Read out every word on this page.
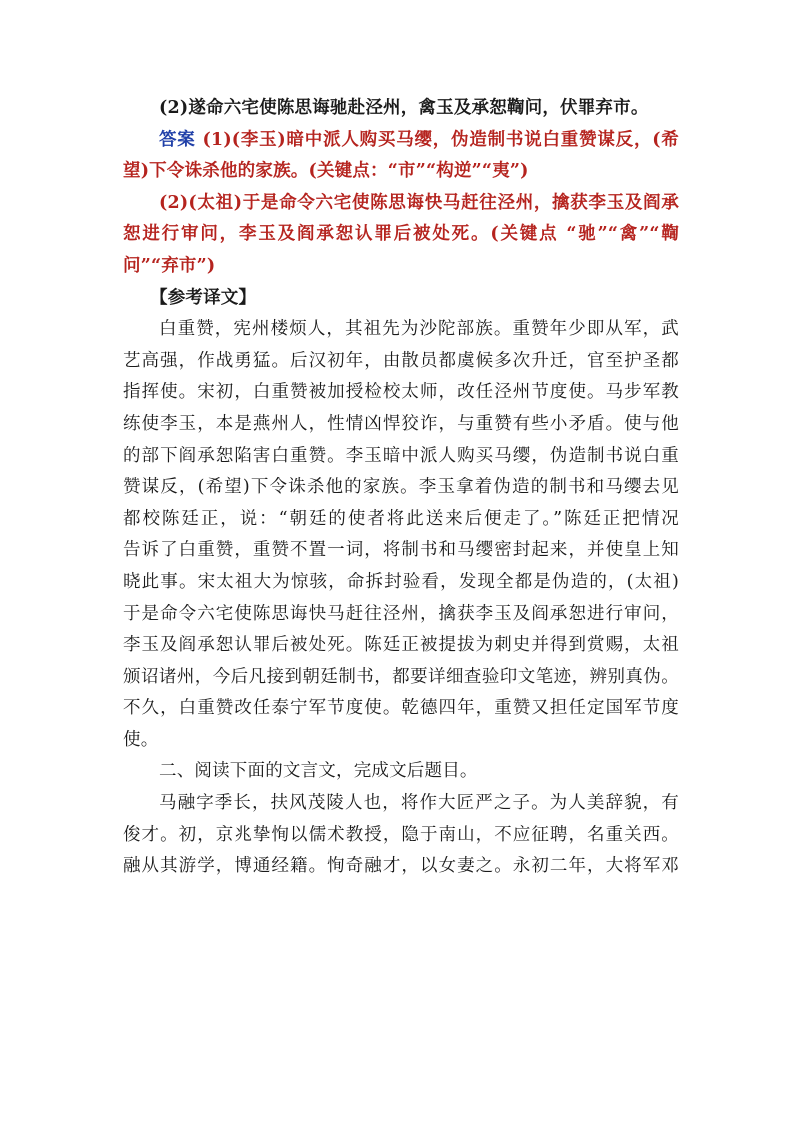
(2)遂命六宅使陈思诲驰赴泾州，禽玉及承恕鞫问，伏罪弃市。
答案 (1)(李玉)暗中派人购买马缨，伪造制书说白重赞谋反，(希
望)下令诛杀他的家族。(关键点：“市”“构逆”“夷”)
(2)(太祖)于是命令六宅使陈思诲快马赶往泾州，擒获李玉及阎承
恕进行审问，李玉及阎承恕认罪后被处死。(关键点 “驰”“禽”“鞫
问”“弃市”)
【参考译文】
白重赞，宪州楼烦人，其祖先为沙陀部族。重赞年少即从军，武
艺高强，作战勇猛。后汉初年，由散员都虞候多次升迁，官至护圣都
指挥使。宋初，白重赞被加授检校太师，改任泾州节度使。马步军教
练使李玉，本是燕州人，性情凶悍狡诈，与重赞有些小矛盾。使与他
的部下阎承恕陷害白重赞。李玉暗中派人购买马缨，伪造制书说白重
赞谋反，(希望)下令诛杀他的家族。李玉拿着伪造的制书和马缨去见
都校陈廷正，说：“朝廷的使者将此送来后便走了。”陈廷正把情况
告诉了白重赞，重赞不置一词，将制书和马缨密封起来，并使皇上知
晓此事。宋太祖大为惊骇，命拆封验看，发现全都是伪造的，(太祖)
于是命令六宅使陈思诲快马赶往泾州，擒获李玉及阎承恕进行审问，
李玉及阎承恕认罪后被处死。陈廷正被提拔为刺史并得到赏赐，太祖
颁诏诸州，今后凡接到朝廷制书，都要详细查验印文笔迹，辨别真伪。
不久，白重赞改任泰宁军节度使。乾德四年，重赞又担任定国军节度
使。
二、阅读下面的文言文，完成文后题目。
马融字季长，扶风茂陵人也，将作大匠严之子。为人美辞貌，有
俊才。初，京兆挚恂以儒术教授，隐于南山，不应征聘，名重关西。
融从其游学，博通经籍。恂奇融才，以女妻之。永初二年，大将军邓
